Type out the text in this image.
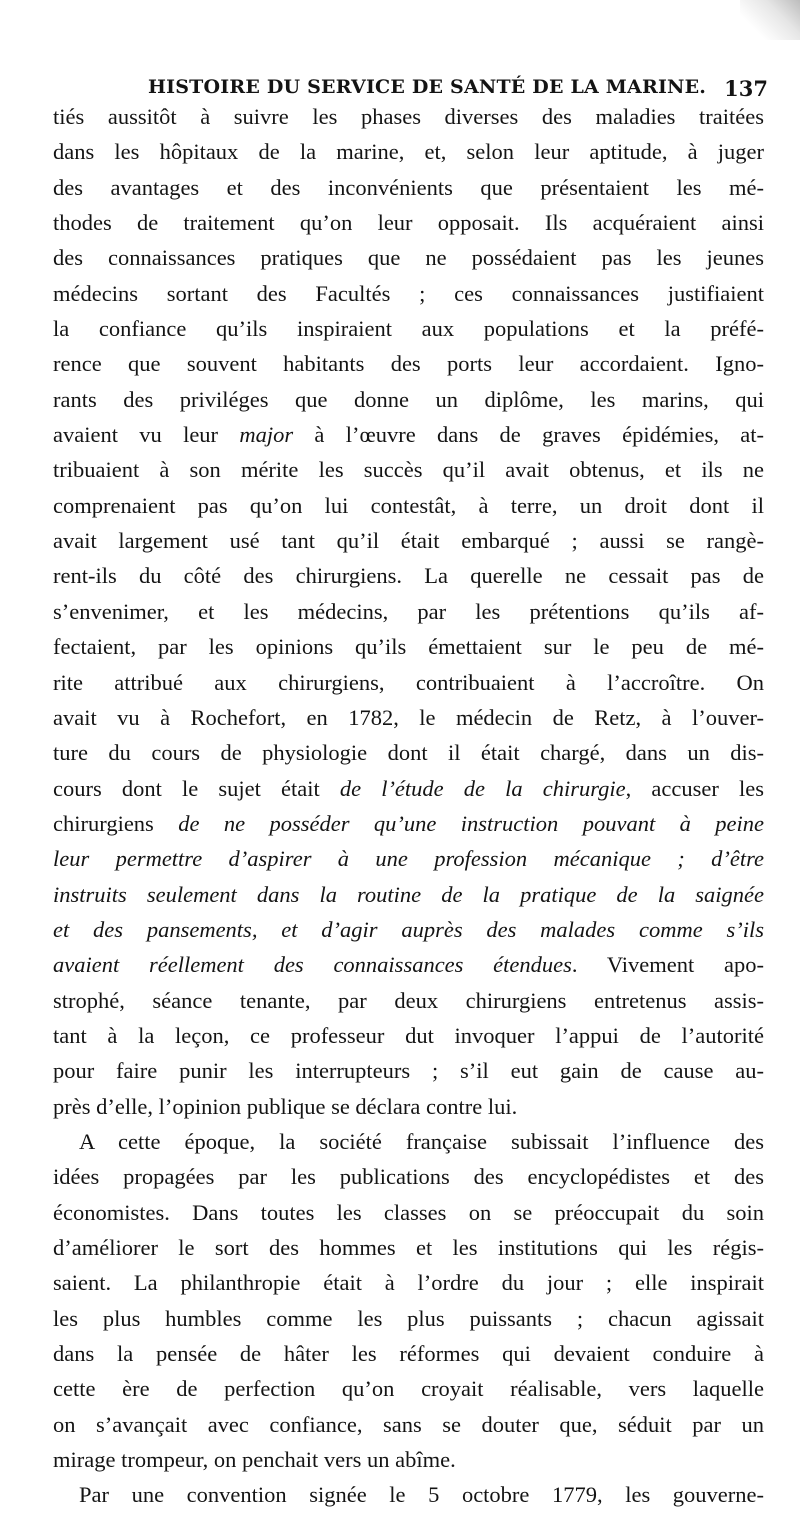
HISTOIRE DU SERVICE DE SANTÉ DE LA MARINE. 137
tiés aussitôt à suivre les phases diverses des maladies traitées
dans les hôpitaux de la marine, et, selon leur aptitude, à juger
des avantages et des inconvénients que présentaient les mé-
thodes de traitement qu’on leur opposait. Ils acquéraient ainsi
des connaissances pratiques que ne possédaient pas les jeunes
médecins sortant des Facultés ; ces connaissances justifiaient
la confiance qu’ils inspiraient aux populations et la préfé-
rence que souvent habitants des ports leur accordaient. Igno-
rants des priviléges que donne un diplôme, les marins, qui
avaient vu leur major à l’œuvre dans de graves épidémies, at-
tribuaient à son mérite les succès qu’il avait obtenus, et ils ne
comprenaient pas qu’on lui contestât, à terre, un droit dont il
avait largement usé tant qu’il était embarqué ; aussi se rangè-
rent-ils du côté des chirurgiens. La querelle ne cessait pas de
s’envenimer, et les médecins, par les prétentions qu’ils af-
fectaient, par les opinions qu’ils émettaient sur le peu de mé-
rite attribué aux chirurgiens, contribuaient à l’accroître. On
avait vu à Rochefort, en 1782, le médecin de Retz, à l’ouver-
ture du cours de physiologie dont il était chargé, dans un dis-
cours dont le sujet était de l’étude de la chirurgie, accuser les
chirurgiens de ne posséder qu’une instruction pouvant à peine
leur permettre d’aspirer à une profession mécanique ; d’être
instruits seulement dans la routine de la pratique de la saignée
et des pansements, et d’agir auprès des malades comme s’ils
avaient réellement des connaissances étendues. Vivement apo-
strophé, séance tenante, par deux chirurgiens entretenus assis-
tant à la leçon, ce professeur dut invoquer l’appui de l’autorité
pour faire punir les interrupteurs ; s’il eut gain de cause au-
près d’elle, l’opinion publique se déclara contre lui.
A cette époque, la société française subissait l’influence des
idées propagées par les publications des encyclopédistes et des
économistes. Dans toutes les classes on se préoccupait du soin
d’améliorer le sort des hommes et les institutions qui les régis-
saient. La philanthropie était à l’ordre du jour ; elle inspirait
les plus humbles comme les plus puissants ; chacun agissait
dans la pensée de hâter les réformes qui devaient conduire à
cette ère de perfection qu’on croyait réalisable, vers laquelle
on s’avançait avec confiance, sans se douter que, séduit par un
mirage trompeur, on penchait vers un abîme.
Par une convention signée le 5 octobre 1779, les gouverne-
